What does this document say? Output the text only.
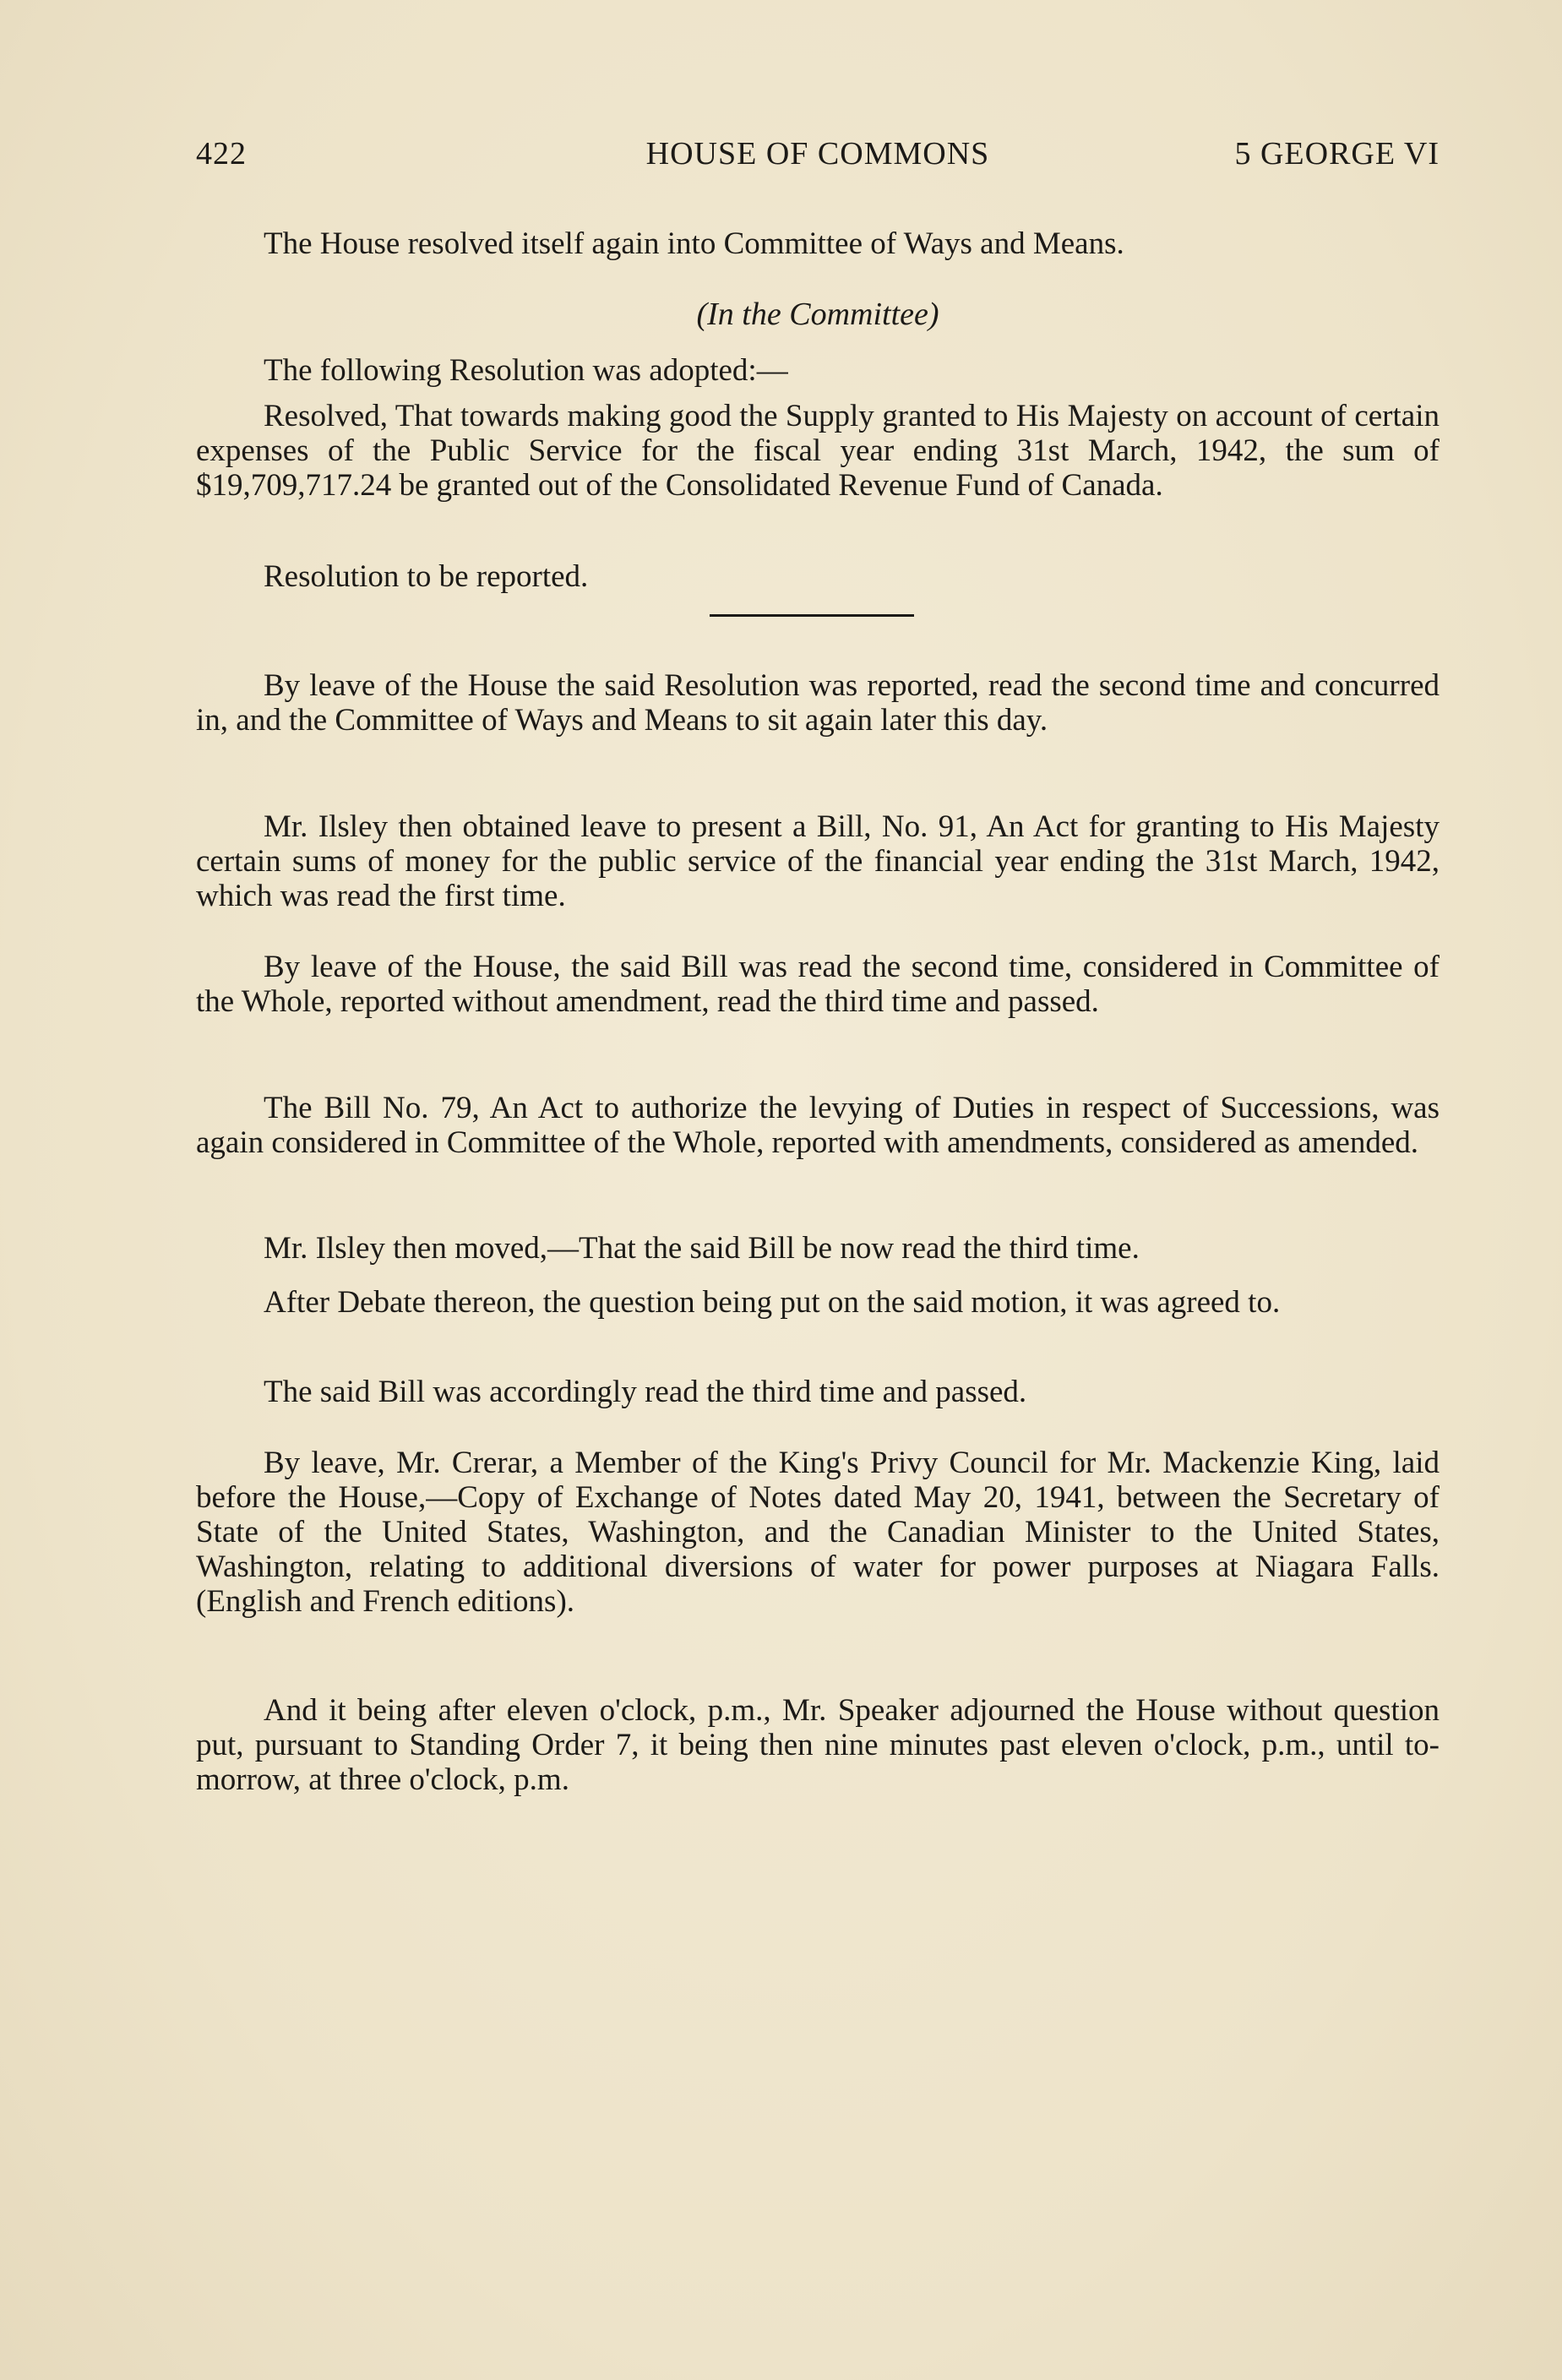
422	HOUSE OF COMMONS	5 GEORGE VI

The House resolved itself again into Committee of Ways and Means.

(In the Committee)

The following Resolution was adopted:—

Resolved, That towards making good the Supply granted to His Majesty on account of certain expenses of the Public Service for the fiscal year ending 31st March, 1942, the sum of $19,709,717.24 be granted out of the Consolidated Revenue Fund of Canada.

Resolution to be reported.

By leave of the House the said Resolution was reported, read the second time and concurred in, and the Committee of Ways and Means to sit again later this day.

Mr. Ilsley then obtained leave to present a Bill, No. 91, An Act for granting to His Majesty certain sums of money for the public service of the financial year ending the 31st March, 1942, which was read the first time.

By leave of the House, the said Bill was read the second time, considered in Committee of the Whole, reported without amendment, read the third time and passed.

The Bill No. 79, An Act to authorize the levying of Duties in respect of Successions, was again considered in Committee of the Whole, reported with amendments, considered as amended.

Mr. Ilsley then moved,—That the said Bill be now read the third time.

After Debate thereon, the question being put on the said motion, it was agreed to.

The said Bill was accordingly read the third time and passed.

By leave, Mr. Crerar, a Member of the King's Privy Council for Mr. Mackenzie King, laid before the House,—Copy of Exchange of Notes dated May 20, 1941, between the Secretary of State of the United States, Washington, and the Canadian Minister to the United States, Washington, relating to additional diversions of water for power purposes at Niagara Falls. (English and French editions).

And it being after eleven o'clock, p.m., Mr. Speaker adjourned the House without question put, pursuant to Standing Order 7, it being then nine minutes past eleven o'clock, p.m., until to-morrow, at three o'clock, p.m.
